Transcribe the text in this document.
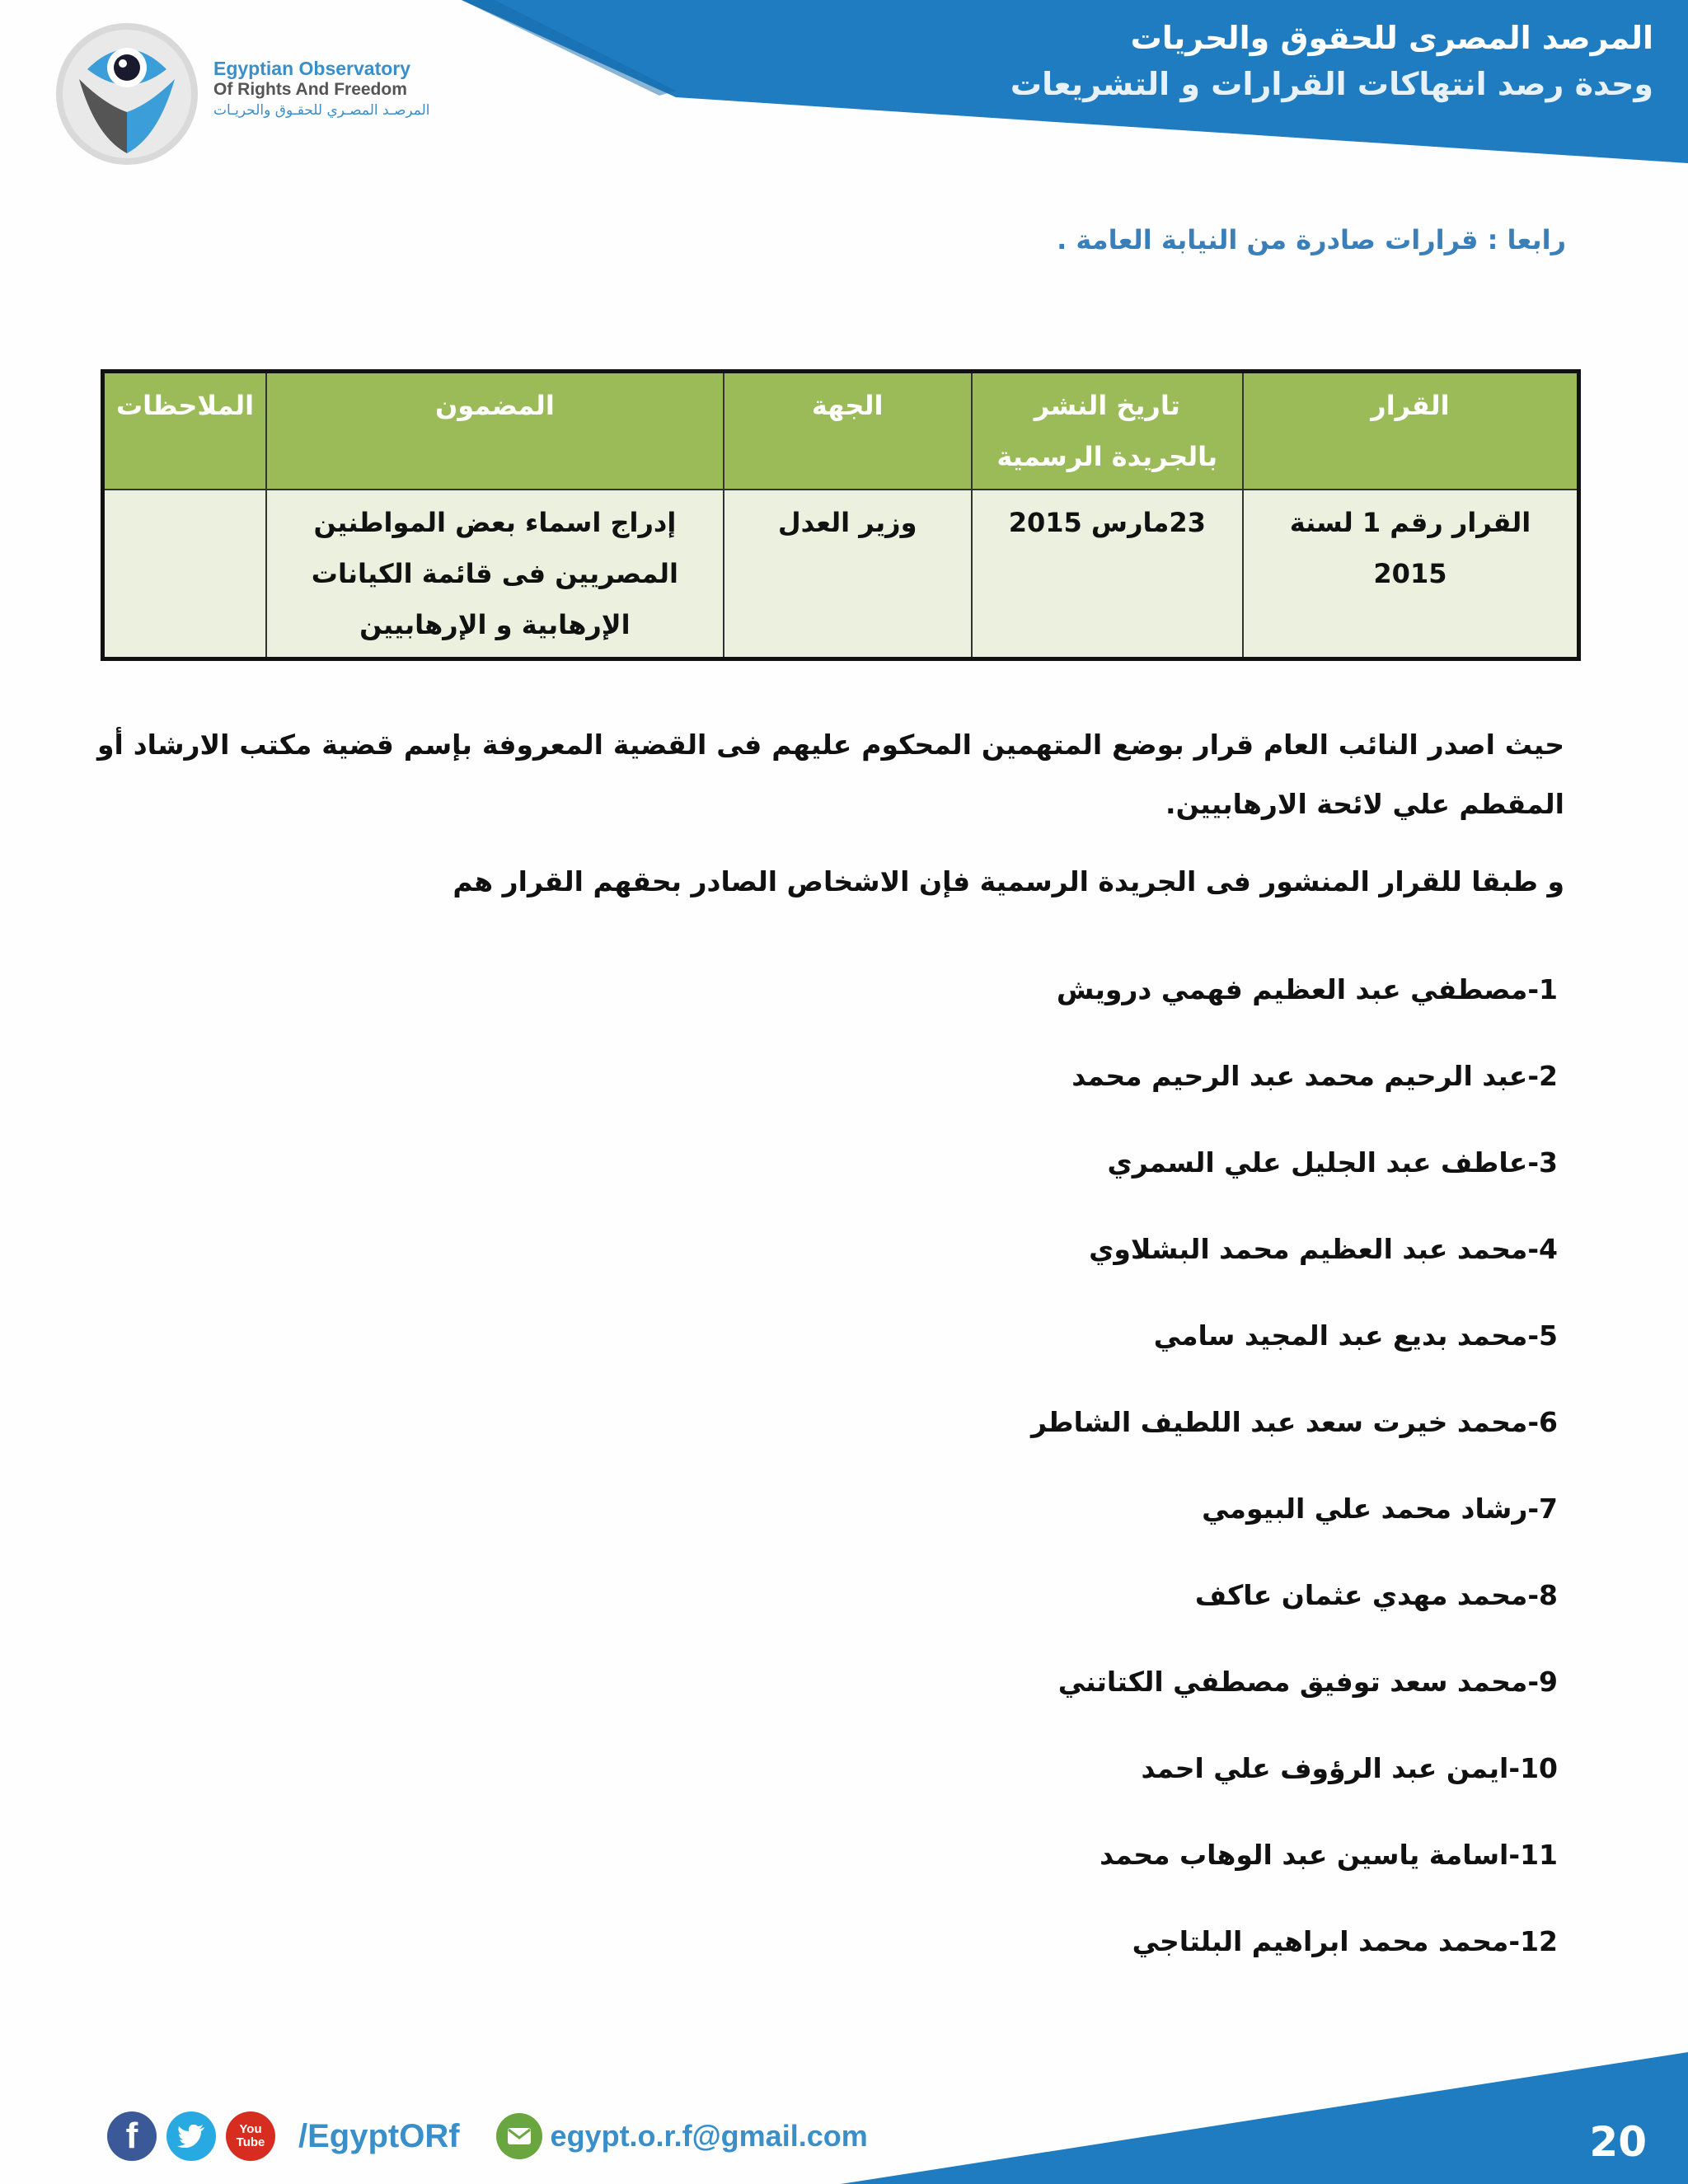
Egyptian Observatory
Of Rights And Freedom
المرصـد المصـري للحقـوق والحريـات
المرصد المصرى للحقوق والحريات
وحدة رصد انتهاكات القرارات و التشريعات
رابعا : قرارات صادرة من النيابة العامة .
القرار	تاريخ النشر بالجريدة الرسمية	الجهة	المضمون	الملاحظات
القرار رقم 1 لسنة 2015	23مارس 2015	وزير العدل	إدراج اسماء بعض المواطنين المصريين فى قائمة الكيانات الإرهابية و الإرهابيين	
حيث اصدر النائب العام قرار بوضع المتهمين المحكوم عليهم فى القضية المعروفة بإسم قضية مكتب الارشاد أو المقطم علي لائحة الارهابيين.
و طبقا للقرار المنشور فى الجريدة الرسمية فإن الاشخاص الصادر بحقهم القرار هم
1-مصطفي عبد العظيم فهمي درويش
2-عبد الرحيم محمد عبد الرحيم محمد
3-عاطف عبد الجليل علي السمري
4-محمد عبد العظيم محمد البشلاوي
5-محمد بديع عبد المجيد سامي
6-محمد خيرت سعد عبد اللطيف الشاطر
7-رشاد محمد علي البيومي
8-محمد مهدي عثمان عاكف
9-محمد سعد توفيق مصطفي الكتاتني
10-ايمن عبد الرؤوف علي احمد
11-اسامة ياسين عبد الوهاب محمد
12-محمد محمد ابراهيم البلتاجي
20
f	You
Tube	/EgyptORf	egypt.o.r.f@gmail.com
